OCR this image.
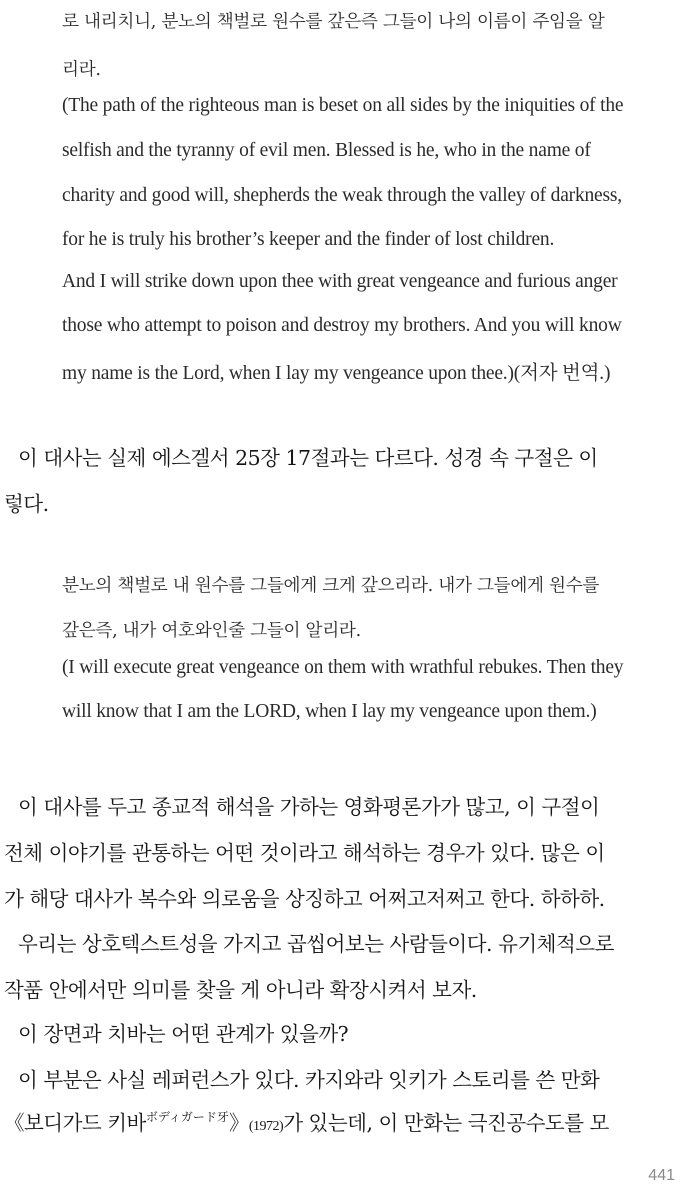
로 내리치니, 분노의 책벌로 원수를 갚은즉 그들이 나의 이름이 주임을 알
리라.
(The path of the righteous man is beset on all sides by the iniquities of the
selfish and the tyranny of evil men. Blessed is he, who in the name of
charity and good will, shepherds the weak through the valley of darkness,
for he is truly his brother’s keeper and the finder of lost children.
And I will strike down upon thee with great vengeance and furious anger
those who attempt to poison and destroy my brothers. And you will know
my name is the Lord, when I lay my vengeance upon thee.)(저자 번역.)
이 대사는 실제 에스겔서 25장 17절과는 다르다. 성경 속 구절은 이
렇다.
분노의 책벌로 내 원수를 그들에게 크게 갚으리라. 내가 그들에게 원수를
갚은즉, 내가 여호와인줄 그들이 알리라.
(I will execute great vengeance on them with wrathful rebukes. Then they
will know that I am the LORD, when I lay my vengeance upon them.)
이 대사를 두고 종교적 해석을 가하는 영화평론가가 많고, 이 구절이
전체 이야기를 관통하는 어떤 것이라고 해석하는 경우가 있다. 많은 이
가 해당 대사가 복수와 의로움을 상징하고 어쩌고저쩌고 한다. 하하하.
우리는 상호텍스트성을 가지고 곱씹어보는 사람들이다. 유기체적으로
작품 안에서만 의미를 찾을 게 아니라 확장시켜서 보자.
이 장면과 치바는 어떤 관계가 있을까?
이 부분은 사실 레퍼런스가 있다. 카지와라 잇키가 스토리를 쓴 만화
《보디가드 키바$^{ボディガード牙}$》(1972)가 있는데, 이 만화는 극진공수도를 모
441
